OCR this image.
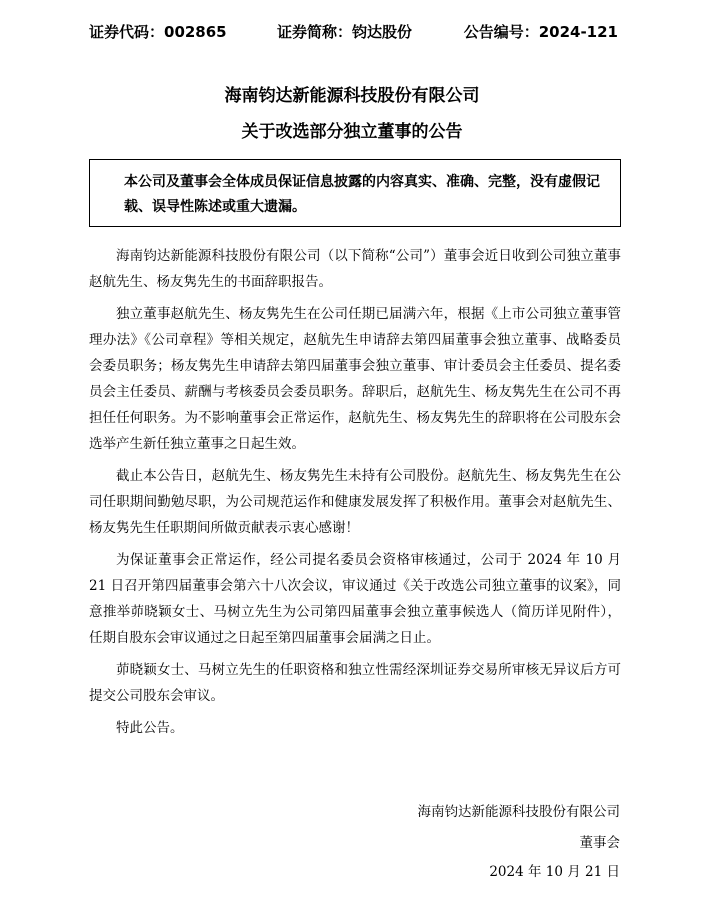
证券代码：002865	证券简称：钧达股份	公告编号：2024-121
海南钧达新能源科技股份有限公司
关于改选部分独立董事的公告
本公司及董事会全体成员保证信息披露的内容真实、准确、完整，没有虚假记载、误导性陈述或重大遗漏。

海南钧达新能源科技股份有限公司（以下简称“公司”）董事会近日收到公司独立董事赵航先生、杨友隽先生的书面辞职报告。

独立董事赵航先生、杨友隽先生在公司任期已届满六年，根据《上市公司独立董事管理办法》《公司章程》等相关规定，赵航先生申请辞去第四届董事会独立董事、战略委员会委员职务；杨友隽先生申请辞去第四届董事会独立董事、审计委员会主任委员、提名委员会主任委员、薪酬与考核委员会委员职务。辞职后，赵航先生、杨友隽先生在公司不再担任任何职务。为不影响董事会正常运作，赵航先生、杨友隽先生的辞职将在公司股东会选举产生新任独立董事之日起生效。

截止本公告日，赵航先生、杨友隽先生未持有公司股份。赵航先生、杨友隽先生在公司任职期间勤勉尽职，为公司规范运作和健康发展发挥了积极作用。董事会对赵航先生、杨友隽先生任职期间所做贡献表示衷心感谢！

为保证董事会正常运作，经公司提名委员会资格审核通过，公司于 2024 年 10 月 21 日召开第四届董事会第六十八次会议，审议通过《关于改选公司独立董事的议案》，同意推举茆晓颖女士、马树立先生为公司第四届董事会独立董事候选人（简历详见附件），任期自股东会审议通过之日起至第四届董事会届满之日止。

茆晓颖女士、马树立先生的任职资格和独立性需经深圳证券交易所审核无异议后方可提交公司股东会审议。

特此公告。

海南钧达新能源科技股份有限公司
董事会
2024 年 10 月 21 日
